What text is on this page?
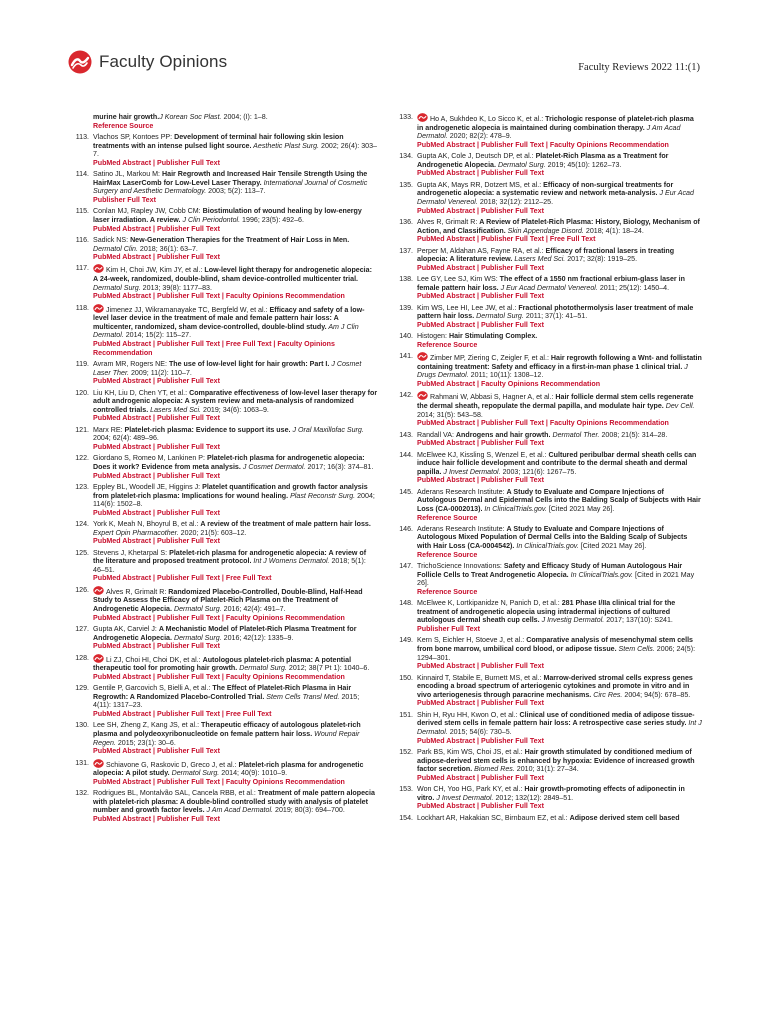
Faculty Opinions	Faculty Reviews 2022 11:(1)
murine hair growth.J Korean Soc Plast. 2004; (I): 1–8.
Reference Source
113. Vlachos SP, Kontoes PP: Development of terminal hair following skin lesion treatments with an intense pulsed light source. Aesthetic Plast Surg. 2002; 26(4): 303–7.
PubMed Abstract | Publisher Full Text
114. Satino JL, Markou M: Hair Regrowth and Increased Hair Tensile Strength Using the HairMax LaserComb for Low-Level Laser Therapy. International Journal of Cosmetic Surgery and Aesthetic Dermatology. 2003; 5(2): 113–7.
Publisher Full Text
115. Conlan MJ, Rapley JW, Cobb CM: Biostimulation of wound healing by low-energy laser irradiation. A review. J Clin Periodontol. 1996; 23(5): 492–6.
PubMed Abstract | Publisher Full Text
116. Sadick NS: New-Generation Therapies for the Treatment of Hair Loss in Men. Dermatol Clin. 2018; 36(1): 63–7.
PubMed Abstract | Publisher Full Text
117. Kim H, Choi JW, Kim JY, et al.: Low-level light therapy for androgenetic alopecia: A 24-week, randomized, double-blind, sham device-controlled multicenter trial. Dermatol Surg. 2013; 39(8): 1177–83.
PubMed Abstract | Publisher Full Text | Faculty Opinions Recommendation
118. Jimenez JJ, Wikramanayake TC, Bergfeld W, et al.: Efficacy and safety of a low-level laser device in the treatment of male and female pattern hair loss: A multicenter, randomized, sham device-controlled, double-blind study. Am J Clin Dermatol. 2014; 15(2): 115–27.
PubMed Abstract | Publisher Full Text | Free Full Text | Faculty Opinions Recommendation
119. Avram MR, Rogers NE: The use of low-level light for hair growth: Part I. J Cosmet Laser Ther. 2009; 11(2): 110–7.
PubMed Abstract | Publisher Full Text
120. Liu KH, Liu D, Chen YT, et al.: Comparative effectiveness of low-level laser therapy for adult androgenic alopecia: A system review and meta-analysis of randomized controlled trials. Lasers Med Sci. 2019; 34(6): 1063–9.
PubMed Abstract | Publisher Full Text
121. Marx RE: Platelet-rich plasma: Evidence to support its use. J Oral Maxillofac Surg. 2004; 62(4): 489–96.
PubMed Abstract | Publisher Full Text
122. Giordano S, Romeo M, Lankinen P: Platelet-rich plasma for androgenetic alopecia: Does it work? Evidence from meta analysis. J Cosmet Dermatol. 2017; 16(3): 374–81.
PubMed Abstract | Publisher Full Text
123. Eppley BL, Woodell JE, Higgins J: Platelet quantification and growth factor analysis from platelet-rich plasma: Implications for wound healing. Plast Reconstr Surg. 2004; 114(6): 1502–8.
PubMed Abstract | Publisher Full Text
124. York K, Meah N, Bhoyrul B, et al.: A review of the treatment of male pattern hair loss. Expert Opin Pharmacother. 2020; 21(5): 603–12.
PubMed Abstract | Publisher Full Text
125. Stevens J, Khetarpal S: Platelet-rich plasma for androgenetic alopecia: A review of the literature and proposed treatment protocol. Int J Womens Dermatol. 2018; 5(1): 46–51.
PubMed Abstract | Publisher Full Text | Free Full Text
126. Alves R, Grimalt R: Randomized Placebo-Controlled, Double-Blind, Half-Head Study to Assess the Efficacy of Platelet-Rich Plasma on the Treatment of Androgenetic Alopecia. Dermatol Surg. 2016; 42(4): 491–7.
PubMed Abstract | Publisher Full Text | Faculty Opinions Recommendation
127. Gupta AK, Carviel J: A Mechanistic Model of Platelet-Rich Plasma Treatment for Androgenetic Alopecia. Dermatol Surg. 2016; 42(12): 1335–9.
PubMed Abstract | Publisher Full Text
128. Li ZJ, Choi HI, Choi DK, et al.: Autologous platelet-rich plasma: A potential therapeutic tool for promoting hair growth. Dermatol Surg. 2012; 38(7 Pt 1): 1040–6.
PubMed Abstract | Publisher Full Text | Faculty Opinions Recommendation
129. Gentile P, Garcovich S, Bielli A, et al.: The Effect of Platelet-Rich Plasma in Hair Regrowth: A Randomized Placebo-Controlled Trial. Stem Cells Transl Med. 2015; 4(11): 1317–23.
PubMed Abstract | Publisher Full Text | Free Full Text
130. Lee SH, Zheng Z, Kang JS, et al.: Therapeutic efficacy of autologous platelet-rich plasma and polydeoxyribonucleotide on female pattern hair loss. Wound Repair Regen. 2015; 23(1): 30–6.
PubMed Abstract | Publisher Full Text
131. Schiavone G, Raskovic D, Greco J, et al.: Platelet-rich plasma for androgenetic alopecia: A pilot study. Dermatol Surg. 2014; 40(9): 1010–9.
PubMed Abstract | Publisher Full Text | Faculty Opinions Recommendation
132. Rodrigues BL, Montalvão SAL, Cancela RBB, et al.: Treatment of male pattern alopecia with platelet-rich plasma: A double-blind controlled study with analysis of platelet number and growth factor levels. J Am Acad Dermatol. 2019; 80(3): 694–700.
PubMed Abstract | Publisher Full Text
133. Ho A, Sukhdeo K, Lo Sicco K, et al.: Trichologic response of platelet-rich plasma in androgenetic alopecia is maintained during combination therapy. J Am Acad Dermatol. 2020; 82(2): 478–9.
PubMed Abstract | Publisher Full Text | Faculty Opinions Recommendation
134. Gupta AK, Cole J, Deutsch DP, et al.: Platelet-Rich Plasma as a Treatment for Androgenetic Alopecia. Dermatol Surg. 2019; 45(10): 1262–73.
PubMed Abstract | Publisher Full Text
135. Gupta AK, Mays RR, Dotzert MS, et al.: Efficacy of non-surgical treatments for androgenetic alopecia: a systematic review and network meta-analysis. J Eur Acad Dermatol Venereol. 2018; 32(12): 2112–25.
PubMed Abstract | Publisher Full Text
136. Alves R, Grimalt R: A Review of Platelet-Rich Plasma: History, Biology, Mechanism of Action, and Classification. Skin Appendage Disord. 2018; 4(1): 18–24.
PubMed Abstract | Publisher Full Text | Free Full Text
137. Perper M, Aldahan AS, Fayne RA, et al.: Efficacy of fractional lasers in treating alopecia: A literature review. Lasers Med Sci. 2017; 32(8): 1919–25.
PubMed Abstract | Publisher Full Text
138. Lee GY, Lee SJ, Kim WS: The effect of a 1550 nm fractional erbium-glass laser in female pattern hair loss. J Eur Acad Dermatol Venereol. 2011; 25(12): 1450–4.
PubMed Abstract | Publisher Full Text
139. Kim WS, Lee HI, Lee JW, et al.: Fractional photothermolysis laser treatment of male pattern hair loss. Dermatol Surg. 2011; 37(1): 41–51.
PubMed Abstract | Publisher Full Text
140. Histogen: Hair Stimulating Complex.
Reference Source
141. Zimber MP, Ziering C, Zeigler F, et al.: Hair regrowth following a Wnt- and follistatin containing treatment: Safety and efficacy in a first-in-man phase 1 clinical trial. J Drugs Dermatol. 2011; 10(11): 1308–12.
PubMed Abstract | Faculty Opinions Recommendation
142. Rahmani W, Abbasi S, Hagner A, et al.: Hair follicle dermal stem cells regenerate the dermal sheath, repopulate the dermal papilla, and modulate hair type. Dev Cell. 2014; 31(5): 543–58.
PubMed Abstract | Publisher Full Text | Faculty Opinions Recommendation
143. Randall VA: Androgens and hair growth. Dermatol Ther. 2008; 21(5): 314–28.
PubMed Abstract | Publisher Full Text
144. McElwee KJ, Kissling S, Wenzel E, et al.: Cultured peribulbar dermal sheath cells can induce hair follicle development and contribute to the dermal sheath and dermal papilla. J Invest Dermatol. 2003; 121(6): 1267–75.
PubMed Abstract | Publisher Full Text
145. Aderans Research Institute: A Study to Evaluate and Compare Injections of Autologous Dermal and Epidermal Cells into the Balding Scalp of Subjects with Hair Loss (CA-0002013). In ClinicalTrials.gov. [Cited 2021 May 26].
Reference Source
146. Aderans Research Institute: A Study to Evaluate and Compare Injections of Autologous Mixed Population of Dermal Cells into the Balding Scalp of Subjects with Hair Loss (CA-0004542). In ClinicalTrials.gov. [Cited 2021 May 26].
Reference Source
147. TrichoScience Innovations: Safety and Efficacy Study of Human Autologous Hair Follicle Cells to Treat Androgenetic Alopecia. In ClinicalTrials.gov. [Cited in 2021 May 26].
Reference Source
148. McElwee K, Lortkipanidze N, Panich D, et al.: 281 Phase I/IIa clinical trial for the treatment of androgenetic alopecia using intradermal injections of cultured autologous dermal sheath cup cells. J Investig Dermatol. 2017; 137(10): S241.
Publisher Full Text
149. Kern S, Eichler H, Stoeve J, et al.: Comparative analysis of mesenchymal stem cells from bone marrow, umbilical cord blood, or adipose tissue. Stem Cells. 2006; 24(5): 1294–301.
PubMed Abstract | Publisher Full Text
150. Kinnaird T, Stabile E, Burnett MS, et al.: Marrow-derived stromal cells express genes encoding a broad spectrum of arteriogenic cytokines and promote in vitro and in vivo arteriogenesis through paracrine mechanisms. Circ Res. 2004; 94(5): 678–85.
PubMed Abstract | Publisher Full Text
151. Shin H, Ryu HH, Kwon O, et al.: Clinical use of conditioned media of adipose tissue-derived stem cells in female pattern hair loss: A retrospective case series study. Int J Dermatol. 2015; 54(6): 730–5.
PubMed Abstract | Publisher Full Text
152. Park BS, Kim WS, Choi JS, et al.: Hair growth stimulated by conditioned medium of adipose-derived stem cells is enhanced by hypoxia: Evidence of increased growth factor secretion. Biomed Res. 2010; 31(1): 27–34.
PubMed Abstract | Publisher Full Text
153. Won CH, Yoo HG, Park KY, et al.: Hair growth-promoting effects of adiponectin in vitro. J Invest Dermatol. 2012; 132(12): 2849–51.
PubMed Abstract | Publisher Full Text
154. Lockhart AR, Hakakian SC, Birnbaum EZ, et al.: Adipose derived stem cell based
